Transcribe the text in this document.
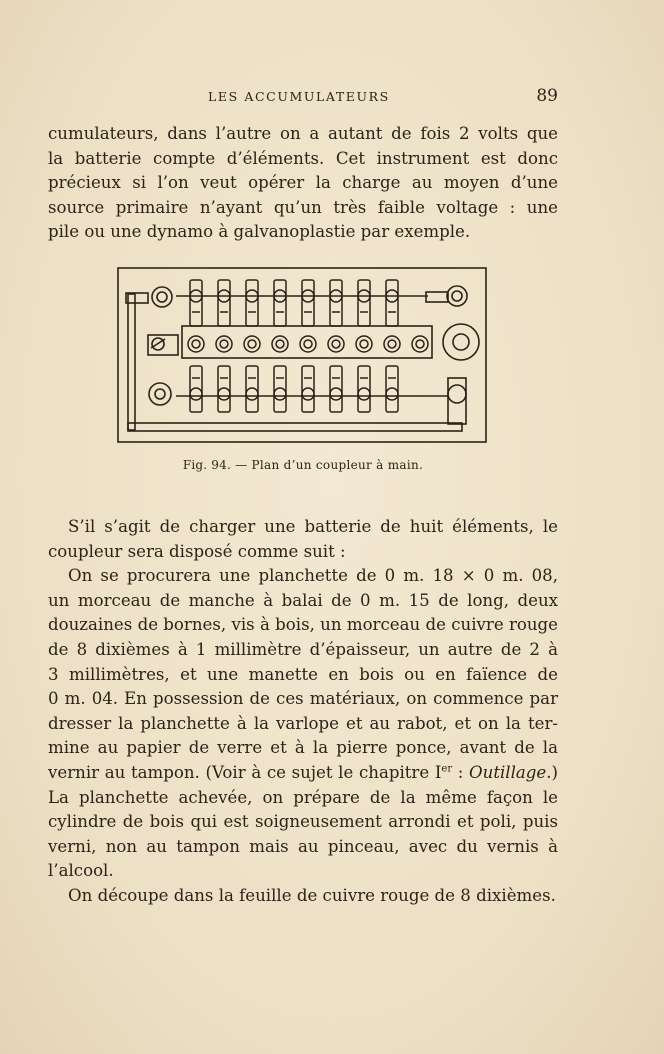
LES ACCUMULATEURS	89
cumulateurs, dans l’autre on a autant de fois 2 volts que
la batterie compte d’éléments. Cet instrument est donc
précieux si l’on veut opérer la charge au moyen d’une
source primaire n’ayant qu’un très faible voltage : une
pile ou une dynamo à galvanoplastie par exemple.
Fig. 94. — Plan d’un coupleur à main.
S’il s’agit de charger une batterie de huit éléments, le
coupleur sera disposé comme suit :
On se procurera une planchette de 0 m. 18 × 0 m. 08,
un morceau de manche à balai de 0 m. 15 de long, deux
douzaines de bornes, vis à bois, un morceau de cuivre rouge
de 8 dixièmes à 1 millimètre d’épaisseur, un autre de 2 à
3 millimètres, et une manette en bois ou en faïence de
0 m. 04. En possession de ces matériaux, on commence par
dresser la planchette à la varlope et au rabot, et on la ter-
mine au papier de verre et à la pierre ponce, avant de la
vernir au tampon. (Voir à ce sujet le chapitre Ier : Outillage.)
La planchette achevée, on prépare de la même façon le
cylindre de bois qui est soigneusement arrondi et poli, puis
verni, non au tampon mais au pinceau, avec du vernis à
l’alcool.
On découpe dans la feuille de cuivre rouge de 8 dixièmes.
